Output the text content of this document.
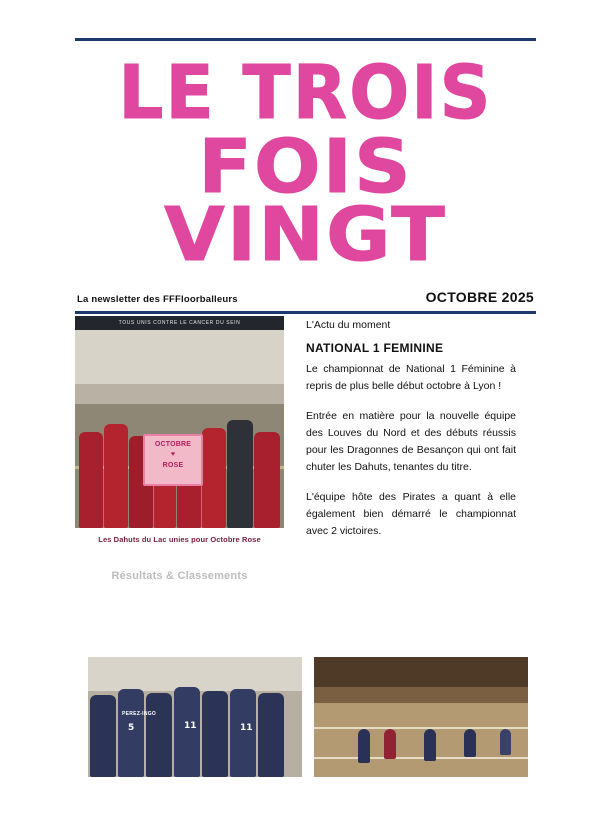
LE TROIS
FOIS VINGT
La newsletter des FFFloorballeurs	OCTOBRE 2025
TOUS UNIS CONTRE LE CANCER DU SEIN
OCTOBRE
♥
ROSE
Les Dahuts du Lac unies pour Octobre Rose
Résultats & Classements
L'Actu du moment
NATIONAL 1 FEMININE

Le championnat de National 1 Féminine à repris de plus belle début octobre à Lyon !

Entrée en matière pour la nouvelle équipe des Louves du Nord et des débuts réussis pour les Dragonnes de Besançon qui ont fait chuter les Dahuts, tenantes du titre.

L'équipe hôte des Pirates a quant à elle également bien démarré le championnat avec 2 victoires.

PEREZ-INGO
5	11	11
